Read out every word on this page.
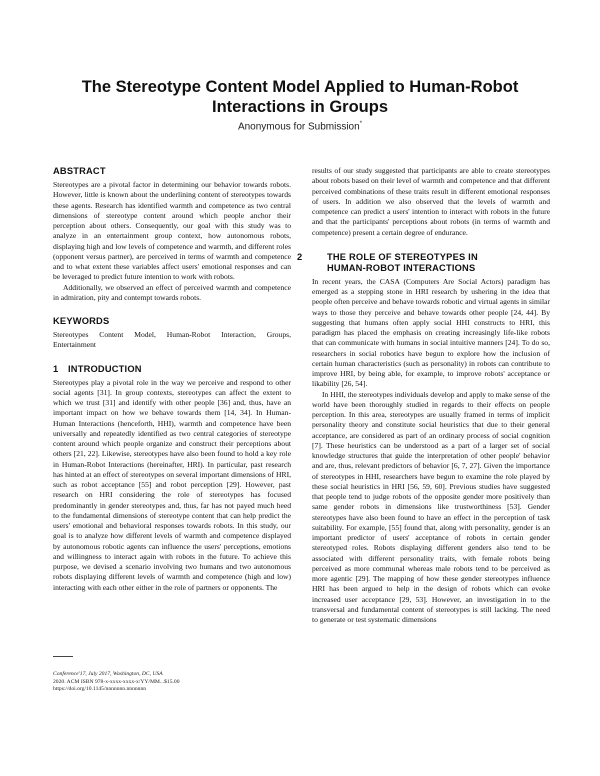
The Stereotype Content Model Applied to Human-Robot
Interactions in Groups
Anonymous for Submission*
ABSTRACT

Stereotypes are a pivotal factor in determining our behavior towards robots. However, little is known about the underlining content of stereotypes towards these agents. Research has identified warmth and competence as two central dimensions of stereotype content around which people anchor their perception about others. Consequently, our goal with this study was to analyze in an entertainment group context, how autonomous robots, displaying high and low levels of competence and warmth, and different roles (opponent versus partner), are perceived in terms of warmth and competence and to what extent these variables affect users' emotional responses and can be leveraged to predict future intention to work with robots.

Additionally, we observed an effect of perceived warmth and competence in admiration, pity and contempt towards robots.

KEYWORDS

Stereotypes Content Model, Human-Robot Interaction, Groups, Entertainment

1 INTRODUCTION

Stereotypes play a pivotal role in the way we perceive and respond to other social agents [31]. In group contexts, stereotypes can affect the extent to which we trust [31] and identify with other people [36] and, thus, have an important impact on how we behave towards them [14, 34]. In Human-Human Interactions (henceforth, HHI), warmth and competence have been universally and repeatedly identified as two central categories of stereotype content around which people organize and construct their perceptions about others [21, 22]. Likewise, stereotypes have also been found to hold a key role in Human-Robot Interactions (hereinafter, HRI). In particular, past research has hinted at an effect of stereotypes on several important dimensions of HRI, such as robot acceptance [55] and robot perception [29]. However, past research on HRI considering the role of stereotypes has focused predominantly in gender stereotypes and, thus, far has not payed much heed to the fundamental dimensions of stereotype content that can help predict the users' emotional and behavioral responses towards robots. In this study, our goal is to analyze how different levels of warmth and competence displayed by autonomous robotic agents can influence the users' perceptions, emotions and willingness to interact again with robots in the future. To achieve this purpose, we devised a scenario involving two humans and two autonomous robots displaying different levels of warmth and competence (high and low) interacting with each other either in the role of partners or opponents. The

results of our study suggested that participants are able to create stereotypes about robots based on their level of warmth and competence and that different perceived combinations of these traits result in different emotional responses of users. In addition we also observed that the levels of warmth and competence can predict a users' intention to interact with robots in the future and that the participants' perceptions about robots (in terms of warmth and competence) present a certain degree of endurance.

2	THE ROLE OF STEREOTYPES IN
HUMAN-ROBOT INTERACTIONS

In recent years, the CASA (Computers Are Social Actors) paradigm has emerged as a stepping stone in HRI research by ushering in the idea that people often perceive and behave towards robotic and virtual agents in similar ways to those they perceive and behave towards other people [24, 44]. By suggesting that humans often apply social HHI constructs to HRI, this paradigm has placed the emphasis on creating increasingly life-like robots that can communicate with humans in social intuitive manners [24]. To do so, researchers in social robotics have begun to explore how the inclusion of certain human characteristics (such as personality) in robots can contribute to improve HRI, by being able, for example, to improve robots' acceptance or likability [26, 54].

In HHI, the stereotypes individuals develop and apply to make sense of the world have been thoroughly studied in regards to their effects on people perception. In this area, stereotypes are usually framed in terms of implicit personality theory and constitute social heuristics that due to their general acceptance, are considered as part of an ordinary process of social cognition [7]. These heuristics can be understood as a part of a larger set of social knowledge structures that guide the interpretation of other people' behavior and are, thus, relevant predictors of behavior [6, 7, 27]. Given the importance of stereotypes in HHI, researchers have begun to examine the role played by these social heuristics in HRI [56, 59, 60]. Previous studies have suggested that people tend to judge robots of the opposite gender more positively than same gender robots in dimensions like trustworthiness [53]. Gender stereotypes have also been found to have an effect in the perception of task suitability. For example, [55] found that, along with personality, gender is an important predictor of users' acceptance of robots in certain gender stereotyped roles. Robots displaying different genders also tend to be associated with different personality traits, with female robots being perceived as more communal whereas male robots tend to be perceived as more agentic [29]. The mapping of how these gender stereotypes influence HRI has been argued to help in the design of robots which can evoke increased user acceptance [29, 53]. However, an investigation in to the transversal and fundamental content of stereotypes is still lacking. The need to generate or test systematic dimensions

Conference'17, July 2017, Washington, DC, USA
2020. ACM ISBN 978-x-xxxx-xxxx-x/YY/MM...$15.00
https://doi.org/10.1145/nnnnnnn.nnnnnnn
